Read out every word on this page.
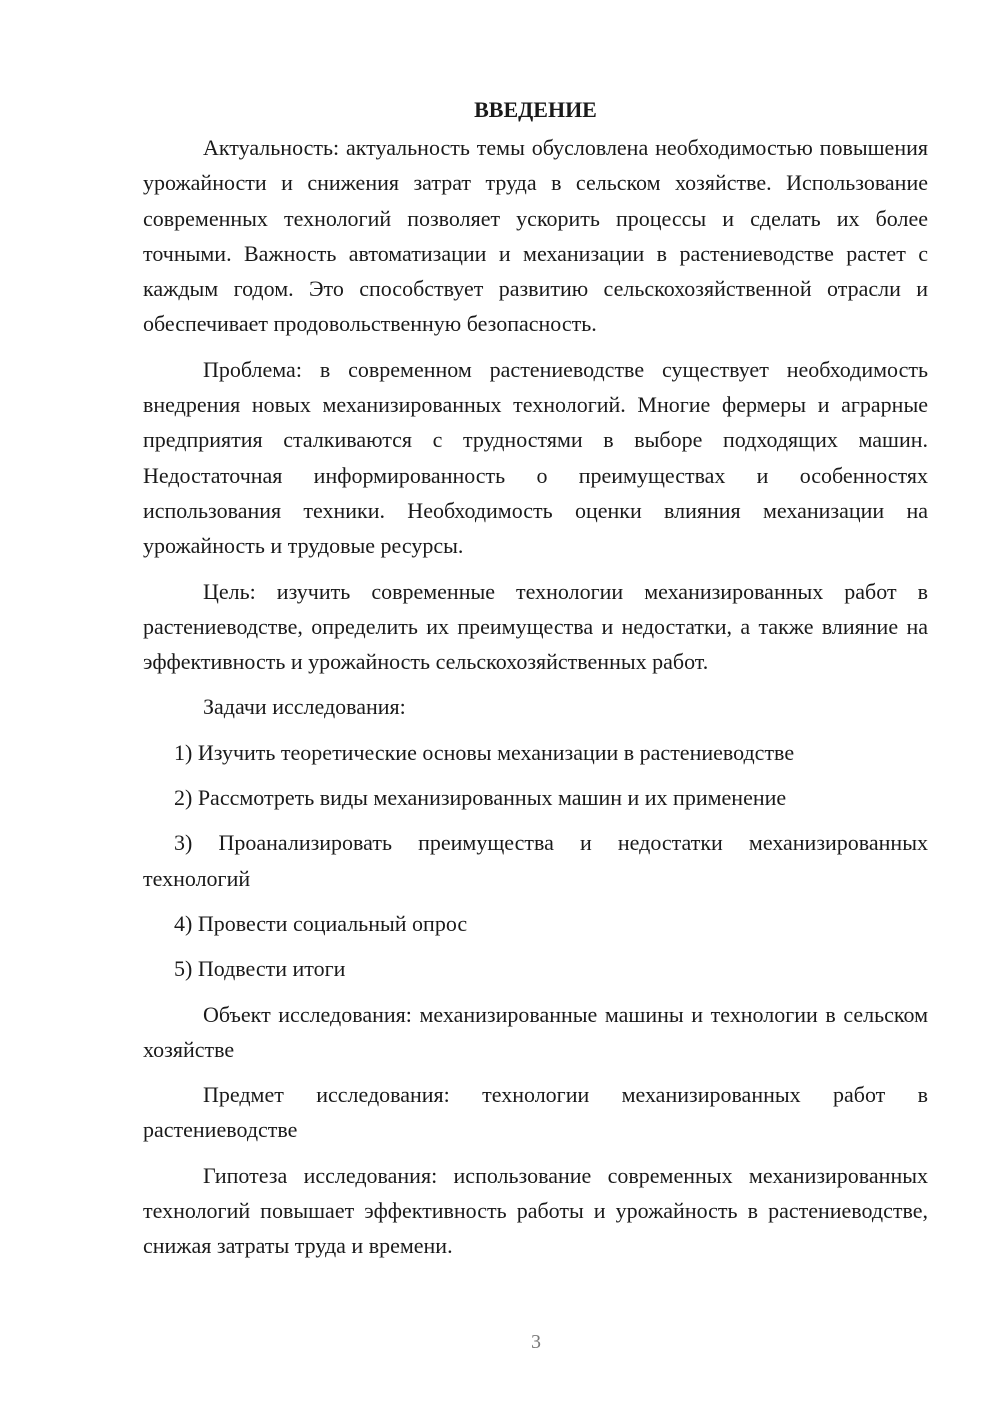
ВВЕДЕНИЕ

Актуальность: актуальность темы обусловлена необходимостью повышения урожайности и снижения затрат труда в сельском хозяйстве. Использование современных технологий позволяет ускорить процессы и сделать их более точными. Важность автоматизации и механизации в растениеводстве растет с каждым годом. Это способствует развитию сельскохозяйственной отрасли и обеспечивает продовольственную безопасность.

Проблема: в современном растениеводстве существует необходимость внедрения новых механизированных технологий. Многие фермеры и аграрные предприятия сталкиваются с трудностями в выборе подходящих машин. Недостаточная информированность о преимуществах и особенностях использования техники. Необходимость оценки влияния механизации на урожайность и трудовые ресурсы.

Цель: изучить современные технологии механизированных работ в растениеводстве, определить их преимущества и недостатки, а также влияние на эффективность и урожайность сельскохозяйственных работ.

Задачи исследования:

1) Изучить теоретические основы механизации в растениеводстве

2) Рассмотреть виды механизированных машин и их применение

3) Проанализировать преимущества и недостатки механизированных технологий

4) Провести социальный опрос

5) Подвести итоги

Объект исследования: механизированные машины и технологии в сельском хозяйстве

Предмет исследования: технологии механизированных работ в растениеводстве

Гипотеза исследования: использование современных механизированных технологий повышает эффективность работы и урожайность в растениеводстве, снижая затраты труда и времени.

3
